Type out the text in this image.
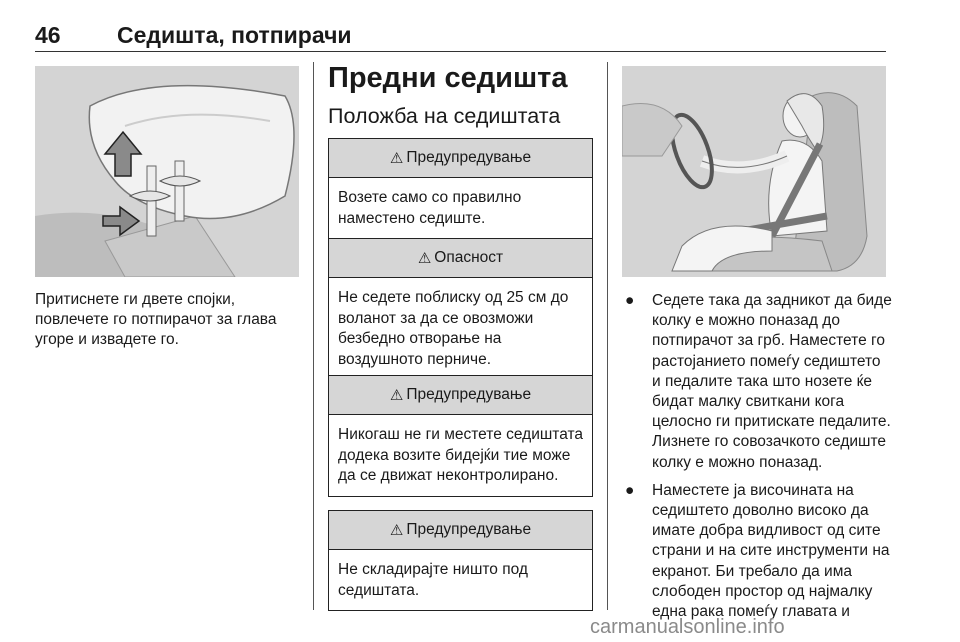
46 Седишта, потпирачи
Притиснете ги двете спојки, повлечете го потпирачот за глава угоре и извадете го.
Предни седишта
Положба на седиштата
⚠ Предупредување
Возете само со правилно наместено седиште.
⚠ Опасност
Не седете поблиску од 25 см до воланот за да се овозможи безбедно отворање на воздушното перниче.
⚠ Предупредување
Никогаш не ги местете седиштата додека возите бидејќи тие може да се движат неконтролирано.
⚠ Предупредување
Не складирајте ништо под седиштата.
● Седете така да задникот да биде колку е можно поназад до потпирачот за грб. Наместете го растојанието помеѓу седиштето и педалите така што нозете ќе бидат малку свиткани кога целосно ги притискате педалите. Лизнете го совозачкото седиште колку е можно поназад.
● Наместете ја височината на седиштето доволно високо да имате добра видливост од сите страни и на сите инструменти на екранот. Би требало да има слободен простор од најмалку една рака помеѓу главата и
carmanualsonline.info
